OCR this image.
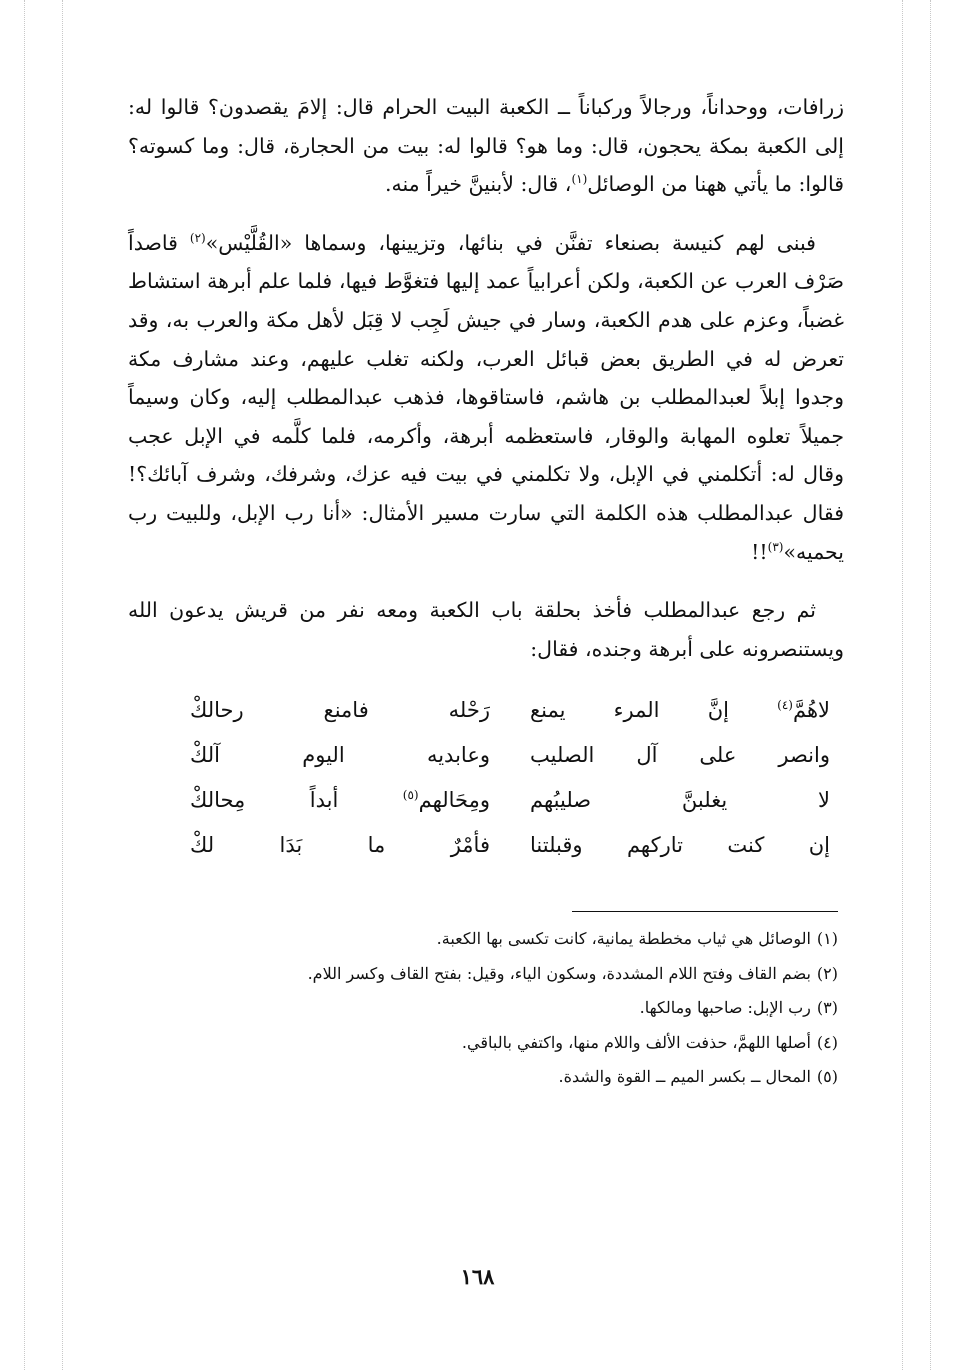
زرافات، ووحداناً، ورجالاً وركباناً ــ الكعبة البيت الحرام قال: إلامَ يقصدون؟ قالوا له: إلى الكعبة بمكة يحجون، قال: وما هو؟ قالوا له: بيت من الحجارة، قال: وما كسوته؟ قالوا: ما يأتي ههنا من الوصائل$^{(١)}$، قال: لأبنينَّ خيراً منه.

فبنى لهم كنيسة بصنعاء تفنَّن في بنائها، وتزيينها، وسماها «القُلَّيْس»$^{(٢)}$ قاصداً صَرْف العرب عن الكعبة، ولكن أعرابياً عمد إليها فتغوَّط فيها، فلما علم أبرهة استشاط غضباً، وعزم على هدم الكعبة، وسار في جيش لَجِب لا قِبَل لأهل مكة والعرب به، وقد تعرض له في الطريق بعض قبائل العرب، ولكنه تغلب عليهم، وعند مشارف مكة وجدوا إبلاً لعبدالمطلب بن هاشم، فاستاقوها، فذهب عبدالمطلب إليه، وكان وسيماً جميلاً تعلوه المهابة والوقار، فاستعظمه أبرهة، وأكرمه، فلما كلَّمه في الإبل عجب وقال له: أتكلمني في الإبل، ولا تكلمني في بيت فيه عزك، وشرفك، وشرف آبائك؟! فقال عبدالمطلب هذه الكلمة التي سارت مسير الأمثال: «أنا رب الإبل، وللبيت رب يحميه»$^{(٣)}$!!

ثم رجع عبدالمطلب فأخذ بحلقة باب الكعبة ومعه نفر من قريش يدعون الله ويستنصرونه على أبرهة وجنده، فقال:

لاهُمَّ$^{(٤)}$ إنَّ المرء يمنع
رَحْله فامنع رحالكْ
وانصر على آل الصليب
وعابديه اليوم آلكْ
لا يغلبنَّ صليبُهم
ومِحَالهم$^{(٥)}$ أبداً مِحالكْ
إن كنت تاركهم وقبلتنا
فأمْرٌ ما بَدَا لكْ
(١)
الوصائل هي ثياب مخططة يمانية، كانت تكسى بها الكعبة.
(٢)
بضم القاف وفتح اللام المشددة، وسكون الياء، وقيل: بفتح القاف وكسر اللام.
(٣)
رب الإبل: صاحبها ومالكها.
(٤)
أصلها اللهمَّ، حذفت الألف واللام منها، واكتفي بالباقي.
(٥)
المحال ــ بكسر الميم ــ القوة والشدة.
١٦٨
